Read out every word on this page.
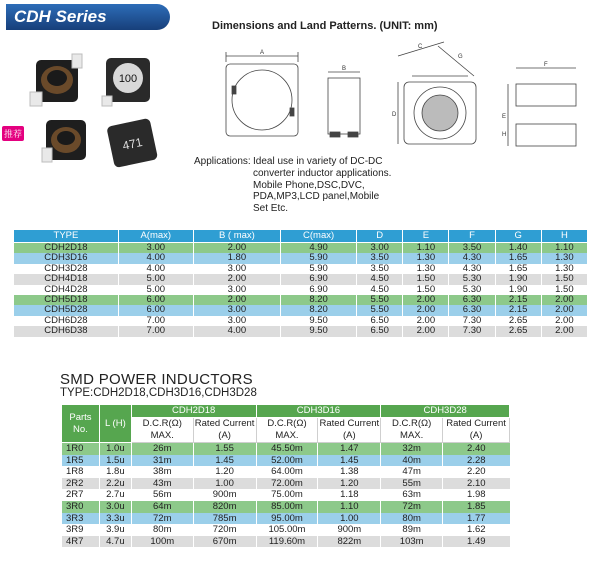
CDH Series	Dimensions and Land Patterns. (UNIT: mm)
100
471
推荐
A
B
C
D	E
F
G
H
Applications: Ideal use in variety of DC-DC
converter inductor applications.
Mobile Phone,DSC,DVC,
PDA,MP3,LCD panel,Mobile
Set Etc.
TYPE	A(max)	B ( max)	C(max)	D	E	F	G	H
CDH2D18	3.00	2.00	4.90	3.00	1.10	3.50	1.40	1.10
CDH3D16	4.00	1.80	5.90	3.50	1.30	4.30	1.65	1.30
CDH3D28	4.00	3.00	5.90	3.50	1.30	4.30	1.65	1.30
CDH4D18	5.00	2.00	6.90	4.50	1.50	5.30	1.90	1.50
CDH4D28	5.00	3.00	6.90	4.50	1.50	5.30	1.90	1.50
CDH5D18	6.00	2.00	8.20	5.50	2.00	6.30	2.15	2.00
CDH5D28	6.00	3.00	8.20	5.50	2.00	6.30	2.15	2.00
CDH6D28	7.00	3.00	9.50	6.50	2.00	7.30	2.65	2.00
CDH6D38	7.00	4.00	9.50	6.50	2.00	7.30	2.65	2.00
SMD POWER INDUCTORS
TYPE:CDH2D18,CDH3D16,CDH3D28
Parts No.	L (H)	CDH2D18		CDH3D16		CDH3D28	
		D.C.R(Ω) MAX.	Rated Current (A)	D.C.R(Ω) MAX.	Rated Current (A)	D.C.R(Ω) MAX.	Rated Current (A)
1R0	1.0u	26m	1.55	45.50m	1.47	32m	2.40
1R5	1.5u	31m	1.45	52.00m	1.45	40m	2.28
1R8	1.8u	38m	1.20	64.00m	1.38	47m	2.20
2R2	2.2u	43m	1.00	72.00m	1.20	55m	2.10
2R7	2.7u	56m	900m	75.00m	1.18	63m	1.98
3R0	3.0u	64m	820m	85.00m	1.10	72m	1.85
3R3	3.3u	72m	785m	95.00m	1.00	80m	1.77
3R9	3.9u	80m	720m	105.00m	900m	89m	1.62
4R7	4.7u	100m	670m	119.60m	822m	103m	1.49
